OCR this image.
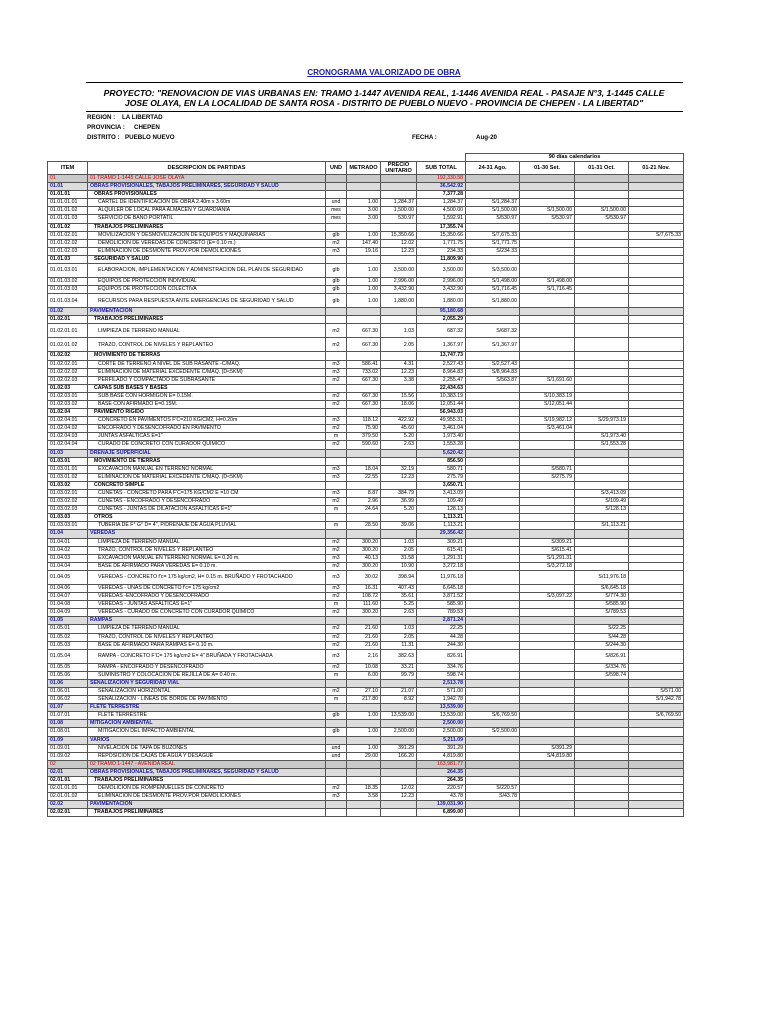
CRONOGRAMA VALORIZADO DE OBRA
PROYECTO: "RENOVACION DE VIAS URBANAS EN: TRAMO 1-1447 AVENIDA REAL, 1-1446 AVENIDA REAL - PASAJE N°3, 1-1445 CALLE JOSE OLAYA, EN LA LOCALIDAD DE SANTA ROSA - DISTRITO DE PUEBLO NUEVO - PROVINCIA DE CHEPEN - LA LIBERTAD"
REGION : LA LIBERTAD
PROVINCIA : CHEPEN
DISTRITO : PUEBLO NUEVO	FECHA :	Aug-20
						90 días calendarios			
ITEM	DESCRIPCION DE PARTIDAS	UND	METRADO	PRECIO UNITARIO	SUB TOTAL	24-31 Ago.	01-30 Set.	01-31 Oct.	01-21 Nov.
01	01 TRAMO 1-1445 CALLE JOSE OLAYA				192,330.58				
01.01	OBRAS PROVISIONALES, TABAJOS PRELIMINARES, SEGURIDAD Y SALUD				36,542.92				
01.01.01	OBRAS PROVISIONALES				7,377.28				
01.01.01.01	CARTEL DE IDENTIFICACIÓN DE OBRA 2.40m x 3.60m	und	1.00	1,284.37	1,284.37	S/1,284.37			
01.01.01.02	ALQUILER DE LOCAL PARA ALMACÉN Y GUARDIANÍA	mes	3.00	1,500.00	4,500.00	S/1,500.00	S/1,500.00	S/1,500.00	
01.01.01.03	SERVICIO DE BAÑO PORTATIL	mes	3.00	530.97	1,592.91	S/530.97	S/530.97	S/530.97	
01.01.02	TRABAJOS PRELIMINARES				17,355.74				
01.01.02.01	MOVILIZACION Y DESMOVILIZACION DE EQUIPOS Y MAQUINARIAS	glb	1.00	15,350.66	15,350.66	S/7,675.33			S/7,675.33
01.01.02.02	DEMOLICION DE VEREDAS DE CONCRETO (E= 0.10 m.)	m2	147.40	12.02	1,771.75	S/1,771.75			
01.01.02.03	ELIMINACION DE DESMONTE PROV.POR DEMOLICIONES	m3	19.16	12.23	234.33	S/234.33			
01.01.03	SEGURIDAD Y SALUD				11,809.90				
01.01.03.01	ELABORACION, IMPLEMENTACION Y ADMINISTRACION DEL PLAN DE SEGURIDAD	glb	1.00	3,500.00	3,500.00	S/3,500.00			
01.01.03.02	EQUIPOS DE PROTECCION INDIVIDUAL	glb	1.00	2,996.00	2,996.00	S/1,498.00	S/1,498.00		
01.01.03.03	EQUIPOS DE PROTECCION COLECTIVA	glb	1.00	3,432.90	3,432.90	S/1,716.45	S/1,716.45		
01.01.03.04	RECURSOS PARA RESPUESTA ANTE EMERGENCIAS DE SEGURIDAD Y SALUD	glb	1.00	1,880.00	1,880.00	S/1,880.00			
01.02	PAVIMENTACIÓN				95,180.68				
01.02.01	TRABAJOS PRELIMINARES				2,055.29				
01.02.01.01	LIMPIEZA DE TERRENO MANUAL	m2	667.30	1.03	687.32	S/687.32			
01.02.01.02	TRAZO, CONTROL DE NIVELES Y REPLANTEO	m2	667.30	2.05	1,367.97	S/1,367.97			
01.02.02	MOVIMIENTO DE TIERRAS				13,747.73				
01.02.02.01	CORTE DE TERRENO A NIVEL DE SUB RASANTE -C/MAQ.	m3	586.41	4.31	2,527.43	S/2,527.43			
01.02.02.02	ELIMINACIÓN DE MATERIAL EXCEDENTE C/MAQ. (D<5KM)	m3	733.02	12.23	8,964.83	S/8,964.83			
01.02.02.03	PERFILADO Y COMPACTADO DE SUBRASANTE	m2	667.30	3.38	2,255.47	S/563.87	S/1,691.60		
01.02.03	CAPAS SUB BASES Y BASES				22,434.63				
01.02.03.01	SUB BASE CON HORMIGON E= 0.15M.	m2	667.30	15.56	10,383.19		S/10,383.19		
01.02.03.02	BASE CON AFIRMADO E=0.15M.	m2	667.30	18.06	12,051.44		S/12,051.44		
01.02.04	PAVIMENTO RIGIDO				56,943.03				
01.02.04.01	CONCRETO EN PAVIMENTOS F'C=210 KG/CM2, H=0.20m	m3	118.12	422.92	49,955.31		S/19,982.12	S/29,973.19	
01.02.04.02	ENCOFRADO Y DESENCOFRADO EN PAVIMENTO	m2	75.90	45.60	3,461.04		S/3,461.04		
01.02.04.03	JUNTAS ASFALTICAS E=1"	m	379.50	5.20	1,973.40			S/1,973.40	
01.02.04.04	CURADO DE CONCRETO CON CURADOR QUIMICO	m2	590.60	2.63	1,553.28			S/1,553.28	
01.03	DRENAJE SUPERFICIAL				5,620.42				
01.03.01	MOVIMIENTO DE TIERRAS				856.50				
01.03.01.01	EXCAVACION MANUAL EN TERRENO NORMAL	m3	18.04	32.19	580.71		S/580.71		
01.03.01.02	ELIMINACION DE MATERIAL EXCEDENTE C/MAQ. (D<5KM)	m3	22.55	12.23	275.79		S/275.79		
01.03.02	CONCRETO SIMPLE				3,650.71				
01.03.02.01	CUNETAS - CONCRETO PARA F'C=175 KG/CM2 E =10 CM	m3	8.87	384.79	3,413.09			S/3,413.09	
01.03.02.02	CUNETAS - ENCOFRADO Y DESENCOFRADO	m2	2.96	36.99	109.49			S/109.49	
01.03.02.03	CUNETAS - JUNTAS DE DILATACION ASFALTICAS E=1"	m	24.64	5.20	128.13			S/128.13	
01.03.03	OTROS				1,113.21				
01.03.03.01	TUBERIA DE F° G° D= 4", P/DRENAJE DE AGUA PLUVIAL	m	28.50	39.06	1,113.21			S/1,113.21	
01.04	VEREDAS				29,356.42				
01.04.01	LIMPIEZA DE TERRENO MANUAL	m2	300.20	1.03	309.21		S/309.21		
01.04.02	TRAZO, CONTROL DE NIVELES Y REPLANTEO	m2	300.20	2.05	615.41		S/615.41		
01.04.03	EXCAVACION MANUAL EN TERRENO NORMAL E= 0.20 m.	m3	40.13	31.58	1,291.31		S/1,291.31		
01.04.04	BASE DE AFIRMADO PARA VEREDAS E= 0.10 m.	m2	300.20	10.90	3,272.18		S/3,272.18		
01.04.05	VEREDAS - CONCRETO f'c= 175 kg/cm2, H= 0.15 m. BRUÑADO Y FROTACHADO	m3	30.02	398.94	11,976.18			S/11,976.18	
01.04.06	VEREDAS - UÑAS DE CONCRETO f'c= 175 kg/cm2	m3	16.31	407.43	6,645.18			S/6,645.18	
01.04.07	VEREDAS -ENCOFRADO Y DESENCOFRADO	m2	108.72	35.61	3,871.52		S/3,097.22	S/774.30	
01.04.08	VEREDAS - JUNTAS ASFALTICAS E=1"	m	111.60	5.25	585.90			S/585.90	
01.04.09	VEREDAS - CURADO DE CONCRETO CON CURADOR QUIMICO	m2	300.20	2.63	789.53			S/789.53	
01.05	RAMPAS				2,871.24				
01.05.01	LIMPIEZA DE TERRENO MANUAL	m2	21.60	1.03	22.25			S/22.25	
01.05.02	TRAZO, CONTROL DE NIVELES Y REPLANTEO	m2	21.60	2.05	44.28			S/44.28	
01.05.03	BASE DE AFIRMADO PARA RAMPAS E= 0.10 m.	m2	21.60	11.31	244.30			S/244.30	
01.05.04	RAMPA - CONCRETO F'C= 175 kg/cm2 E= 4" BRUÑADA Y FROTACHADA	m3	2.16	382.63	826.91			S/826.91	
01.05.05	RAMPA - ENCOFRADO Y DESENCOFRADO	m2	10.08	33.21	334.76			S/334.76	
01.05.06	SUMINISTRO Y COLOCACION DE REJILLA DE A= 0.40 m.	m	6.00	99.79	598.74			S/598.74	
01.06	SEÑALIZACION Y SEGURIDAD VIAL				2,513.78				
01.06.01	SEÑALIZACION HORIZONTAL	m2	27.10	21.07	571.00				S/571.00
01.06.02	SEÑALIZACION - LINEAS DE BORDE DE PAVIMENTO	m	217.80	8.92	1,942.78				S/1,942.78
01.07	FLETE TERRESTRE				13,539.00				
01.07.01	FLETE TERRESTRE	glb	1.00	13,539.00	13,539.00	S/6,769.50			S/6,769.50
01.08	MITIGACION AMBIENTAL				2,500.00				
01.08.01	MITIGACION DEL IMPACTO AMBIENTAL	glb	1.00	2,500.00	2,500.00	S/2,500.00			
01.09	VARIOS				5,211.09				
01.09.01	NIVELACION DE TAPA DE BUZONES	und	1.00	391.29	391.29		S/391.29		
01.09.02	REPOSICION DE CAJAS DE AGUA Y DESAGUE	und	29.00	166.20	4,819.80		S/4,819.80		
02	02 TRAMO 1-1447 - AVENIDA REAL				163,981.77				
02.01	OBRAS PROVISIONALES, TABAJOS PRELIMINARES, SEGURIDAD Y SALUD				264.35				
02.01.01	TRABAJOS PRELIMINARES				264.35				
02.01.01.01	DEMOLICION DE ROMPEMUELLES DE CONCRETO	m2	18.35	12.02	220.57	S/220.57			
02.01.01.02	ELIMINACION DE DESMONTE PROV.POR DEMOLICIONES	m3	3.58	12.23	43.78	S/43.78			
02.02	PAVIMENTACIÓN				139,031.90				
02.02.01	TRABAJOS PRELIMINARES				6,899.00				
